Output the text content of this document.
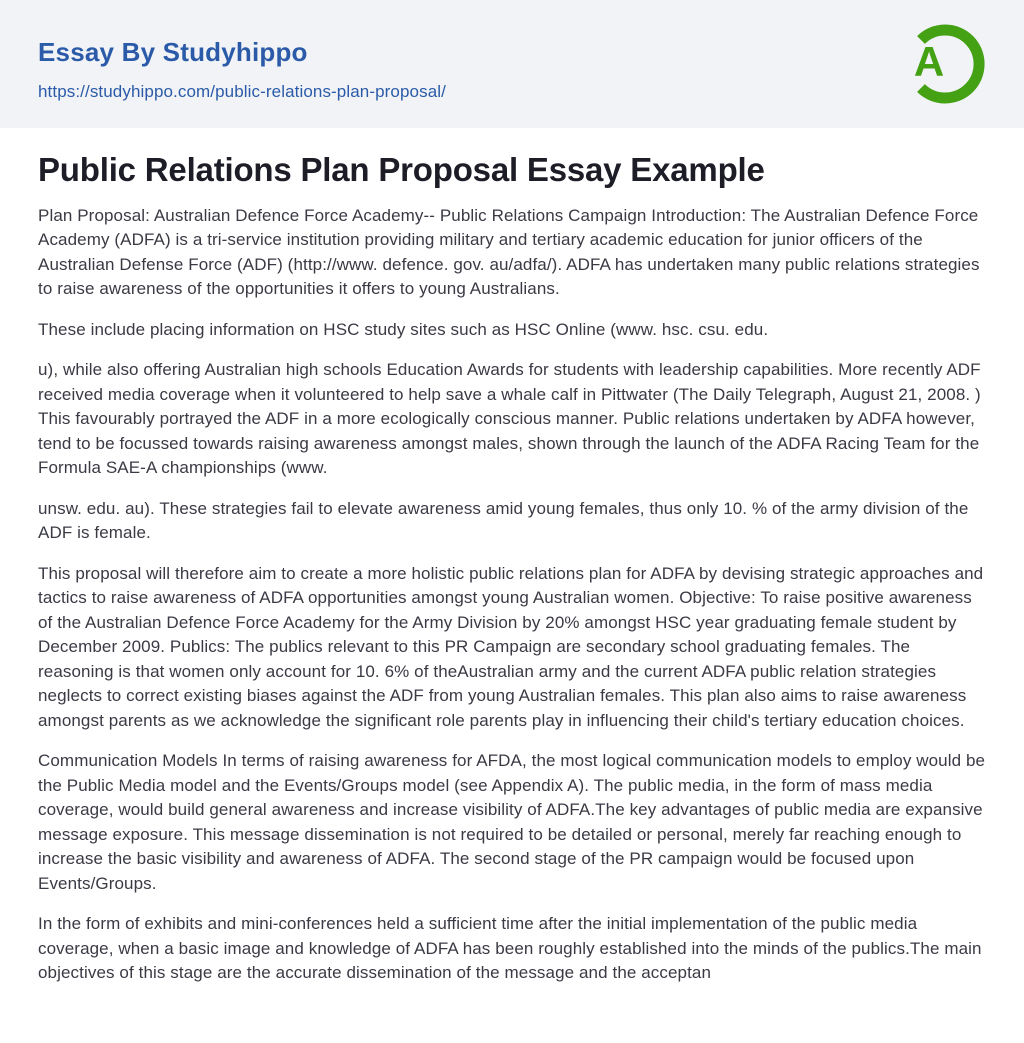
Essay By Studyhippo
https://studyhippo.com/public-relations-plan-proposal/
A
Public Relations Plan Proposal Essay Example

Plan Proposal: Australian Defence Force Academy-- Public Relations Campaign Introduction: The Australian Defence Force Academy (ADFA) is a tri-service institution providing military and tertiary academic education for junior officers of the Australian Defense Force (ADF) (http://www. defence. gov. au/adfa/). ADFA has undertaken many public relations strategies to raise awareness of the opportunities it offers to young Australians.

These include placing information on HSC study sites such as HSC Online (www. hsc. csu. edu.

u), while also offering Australian high schools Education Awards for students with leadership capabilities. More recently ADF received media coverage when it volunteered to help save a whale calf in Pittwater (The Daily Telegraph, August 21, 2008. ) This favourably portrayed the ADF in a more ecologically conscious manner. Public relations undertaken by ADFA however, tend to be focussed towards raising awareness amongst males, shown through the launch of the ADFA Racing Team for the Formula SAE-A championships (www.

unsw. edu. au). These strategies fail to elevate awareness amid young females, thus only 10. % of the army division of the ADF is female.

This proposal will therefore aim to create a more holistic public relations plan for ADFA by devising strategic approaches and tactics to raise awareness of ADFA opportunities amongst young Australian women. Objective: To raise positive awareness of the Australian Defence Force Academy for the Army Division by 20% amongst HSC year graduating female student by December 2009. Publics: The publics relevant to this PR Campaign are secondary school graduating females. The reasoning is that women only account for 10. 6% of theAustralian army and the current ADFA public relation strategies neglects to correct existing biases against the ADF from young Australian females. This plan also aims to raise awareness amongst parents as we acknowledge the significant role parents play in influencing their child's tertiary education choices.

Communication Models In terms of raising awareness for AFDA, the most logical communication models to employ would be the Public Media model and the Events/Groups model (see Appendix A). The public media, in the form of mass media coverage, would build general awareness and increase visibility of ADFA.The key advantages of public media are expansive message exposure. This message dissemination is not required to be detailed or personal, merely far reaching enough to increase the basic visibility and awareness of ADFA. The second stage of the PR campaign would be focused upon Events/Groups.

In the form of exhibits and mini-conferences held a sufficient time after the initial implementation of the public media coverage, when a basic image and knowledge of ADFA has been roughly established into the minds of the publics.The main objectives of this stage are the accurate dissemination of the message and the acceptan
